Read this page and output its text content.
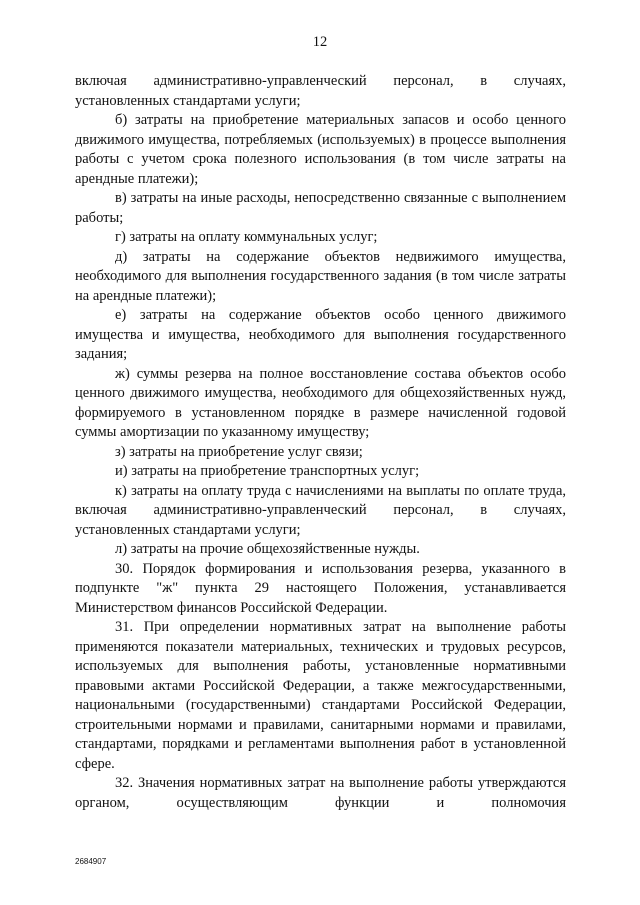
12

включая административно-управленческий персонал, в случаях, установленных стандартами услуги;

б) затраты на приобретение материальных запасов и особо ценного движимого имущества, потребляемых (используемых) в процессе выполнения работы с учетом срока полезного использования (в том числе затраты на арендные платежи);

в) затраты на иные расходы, непосредственно связанные с выполнением работы;

г) затраты на оплату коммунальных услуг;

д) затраты на содержание объектов недвижимого имущества, необходимого для выполнения государственного задания (в том числе затраты на арендные платежи);

е) затраты на содержание объектов особо ценного движимого имущества и имущества, необходимого для выполнения государственного задания;

ж) суммы резерва на полное восстановление состава объектов особо ценного движимого имущества, необходимого для общехозяйственных нужд, формируемого в установленном порядке в размере начисленной годовой суммы амортизации по указанному имуществу;

з) затраты на приобретение услуг связи;

и) затраты на приобретение транспортных услуг;

к) затраты на оплату труда с начислениями на выплаты по оплате труда, включая административно-управленческий персонал, в случаях, установленных стандартами услуги;

л) затраты на прочие общехозяйственные нужды.

30. Порядок формирования и использования резерва, указанного в подпункте "ж" пункта 29 настоящего Положения, устанавливается Министерством финансов Российской Федерации.

31. При определении нормативных затрат на выполнение работы применяются показатели материальных, технических и трудовых ресурсов, используемых для выполнения работы, установленные нормативными правовыми актами Российской Федерации, а также межгосударственными, национальными (государственными) стандартами Российской Федерации, строительными нормами и правилами, санитарными нормами и правилами, стандартами, порядками и регламентами выполнения работ в установленной сфере.

32. Значения нормативных затрат на выполнение работы утверждаются органом, осуществляющим функции и полномочия

2684907
